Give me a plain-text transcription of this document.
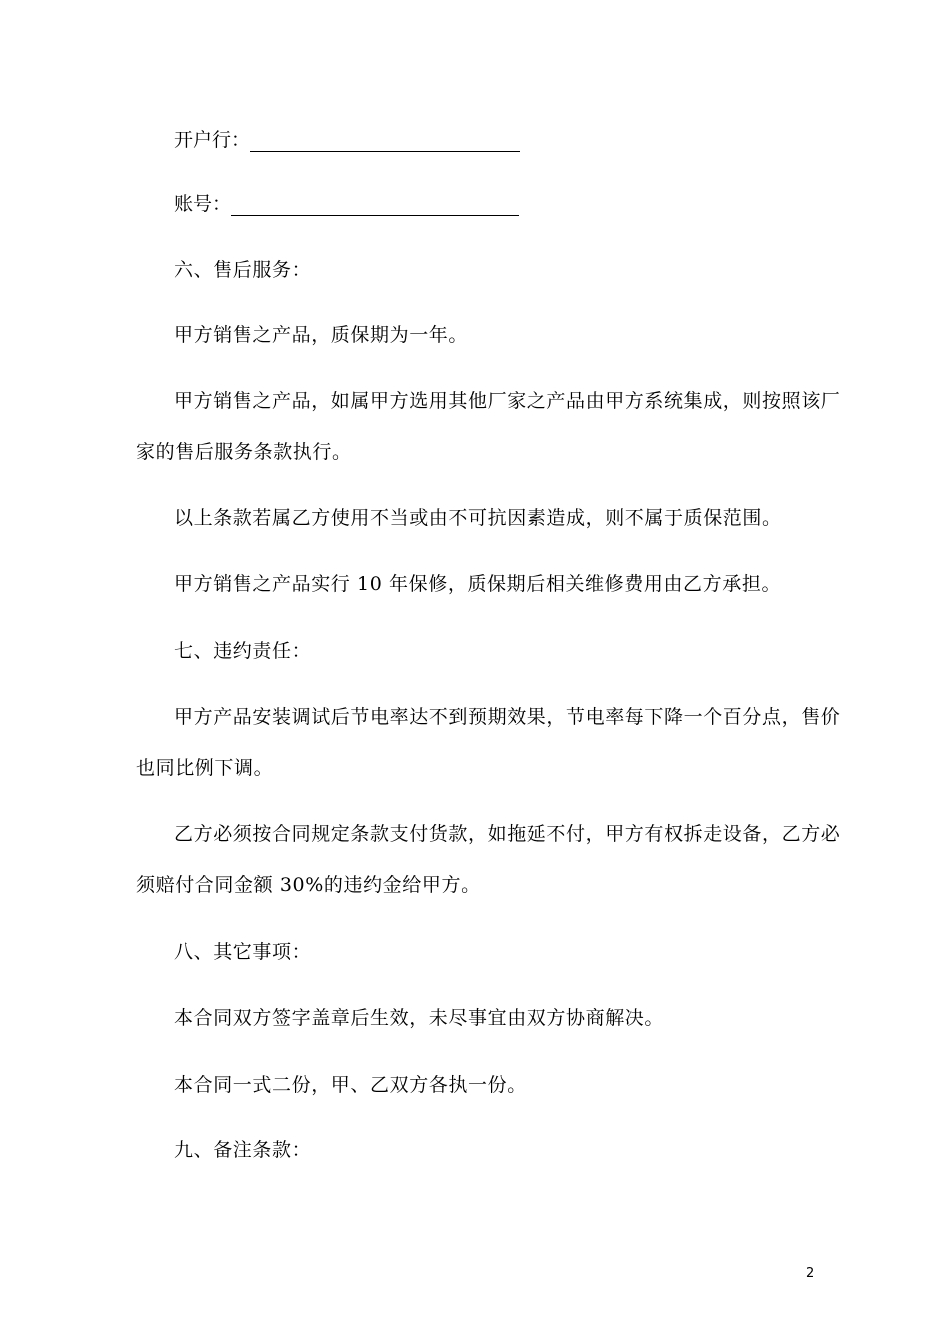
开户行：
账号：
六、售后服务：
甲方销售之产品，质保期为一年。
甲方销售之产品，如属甲方选用其他厂家之产品由甲方系统集成，则按照该厂
家的售后服务条款执行。
以上条款若属乙方使用不当或由不可抗因素造成，则不属于质保范围。
甲方销售之产品实行 10 年保修，质保期后相关维修费用由乙方承担。
七、违约责任：
甲方产品安装调试后节电率达不到预期效果，节电率每下降一个百分点，售价
也同比例下调。
乙方必须按合同规定条款支付货款，如拖延不付，甲方有权拆走设备，乙方必
须赔付合同金额 30%的违约金给甲方。
八、其它事项：
本合同双方签字盖章后生效，未尽事宜由双方协商解决。
本合同一式二份，甲、乙双方各执一份。
九、备注条款：
2
